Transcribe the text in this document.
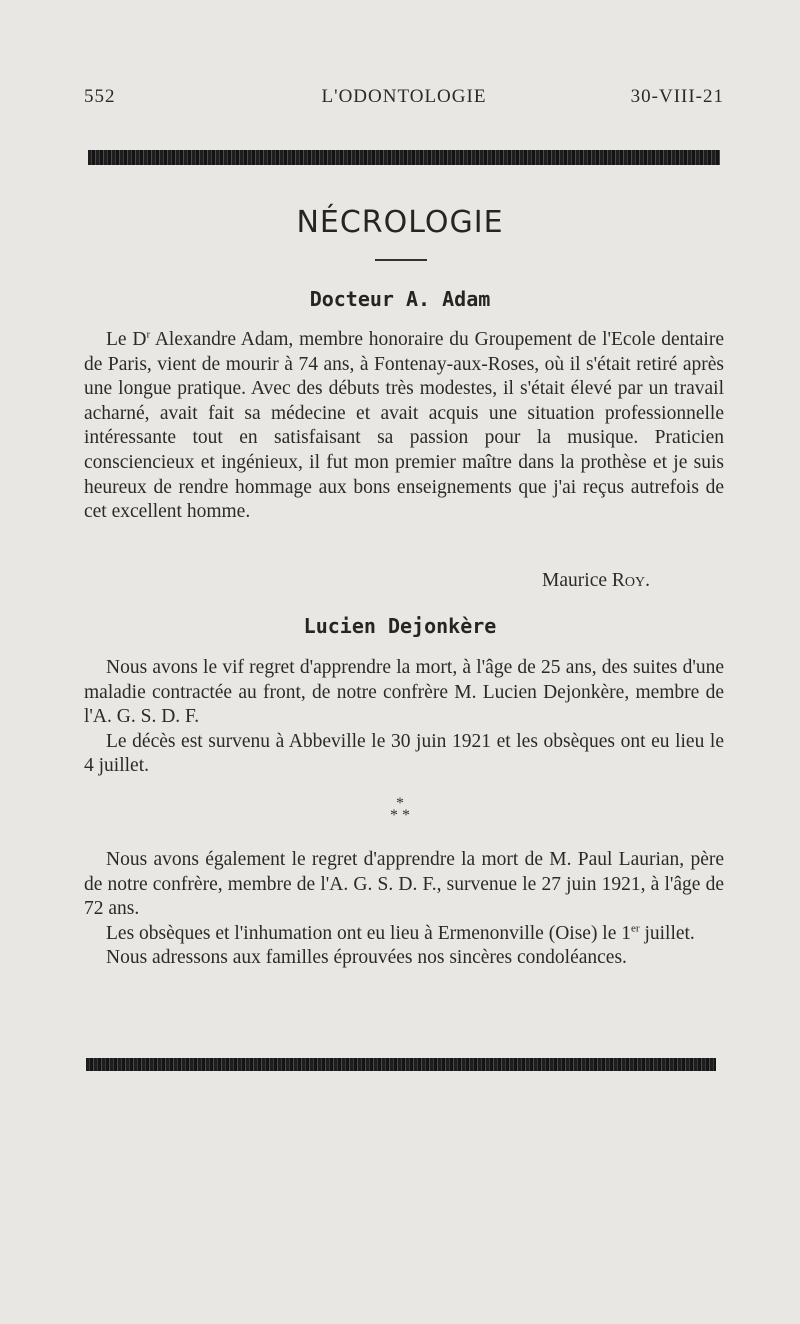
552	L'ODONTOLOGIE	30-VIII-21
NÉCROLOGIE
Docteur A. Adam

Le $D^r$ Alexandre Adam, membre honoraire du Groupement de l'Ecole dentaire de Paris, vient de mourir à 74 ans, à Fontenay-aux-Roses, où il s'était retiré après une longue pratique. Avec des débuts très modestes, il s'était élevé par un travail acharné, avait fait sa médecine et avait acquis une situation professionnelle intéressante tout en satisfaisant sa passion pour la musique. Praticien consciencieux et ingénieux, il fut mon premier maître dans la prothèse et je suis heureux de rendre hommage aux bons enseignements que j'ai reçus autrefois de cet excellent homme.

Maurice Roy.
Lucien Dejonkère

Nous avons le vif regret d'apprendre la mort, à l'âge de 25 ans, des suites d'une maladie contractée au front, de notre confrère M. Lucien Dejonkère, membre de l'A. G. S. D. F.

Le décès est survenu à Abbeville le 30 juin 1921 et les obsèques ont eu lieu le 4 juillet.

*
* *

Nous avons également le regret d'apprendre la mort de M. Paul Laurian, père de notre confrère, membre de l'A. G. S. D. F., survenue le 27 juin 1921, à l'âge de 72 ans.

Les obsèques et l'inhumation ont eu lieu à Ermenonville (Oise) le 1er juillet.

Nous adressons aux familles éprouvées nos sincères condoléances.
